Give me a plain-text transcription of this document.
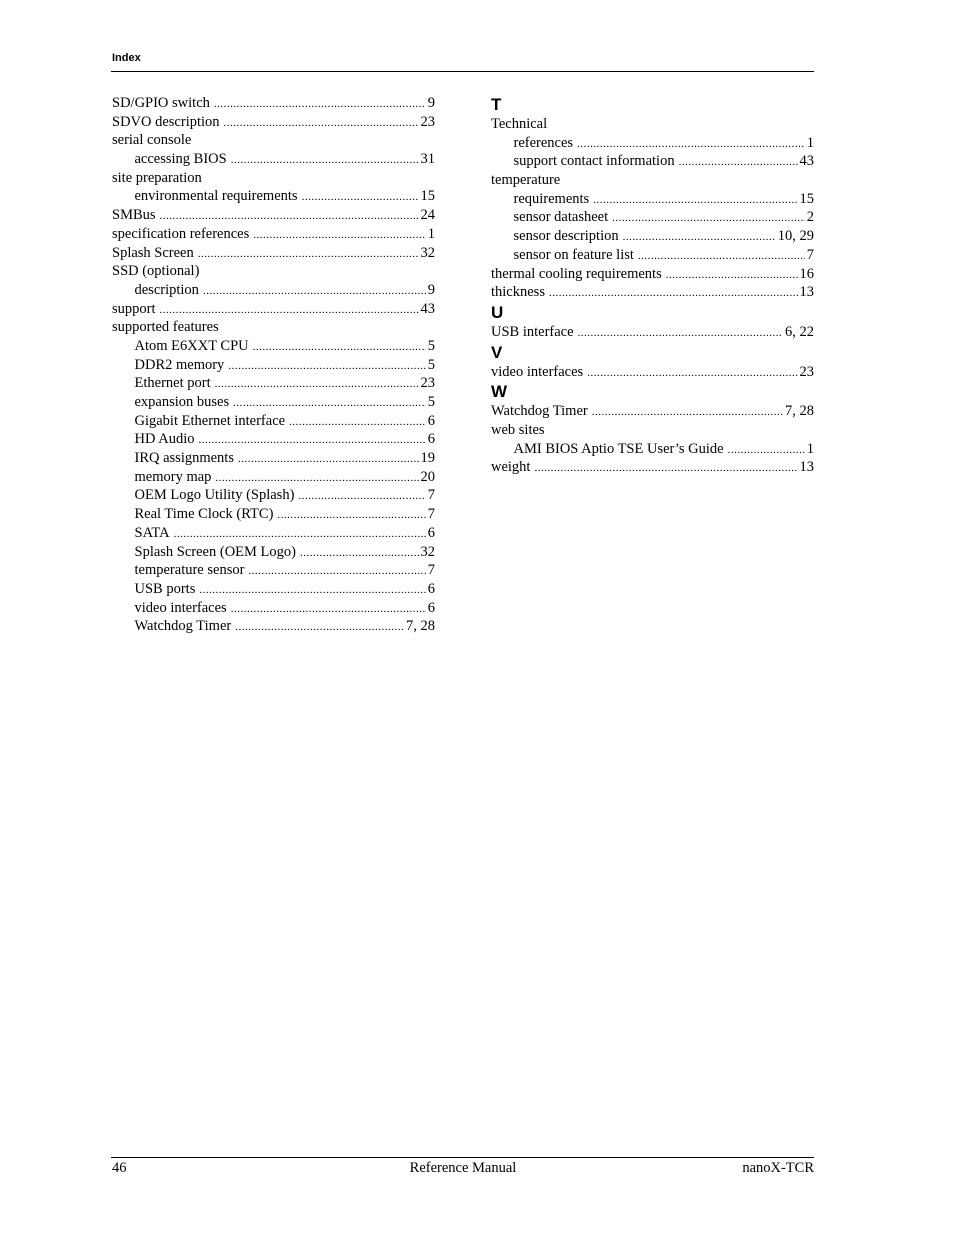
Index
SD/GPIO switch .....	9
SDVO description .....	23
serial console
accessing BIOS .....	31
site preparation
environmental requirements .....	15
SMBus .....	24
specification references .....	1
Splash Screen .....	32
SSD (optional)
description .....	9
support .....	43
supported features
Atom E6XXT CPU .....	5
DDR2 memory .....	5
Ethernet port .....	23
expansion buses .....	5
Gigabit Ethernet interface .....	6
HD Audio .....	6
IRQ assignments .....	19
memory map .....	20
OEM Logo Utility (Splash) .....	7
Real Time Clock (RTC) .....	7
SATA .....	6
Splash Screen (OEM Logo) .....	32
temperature sensor .....	7
USB ports .....	6
video interfaces .....	6
Watchdog Timer .....	7, 28
T
Technical
references .....	1
support contact information .....	43
temperature
requirements .....	15
sensor datasheet .....	2
sensor description .....	10, 29
sensor on feature list .....	7
thermal cooling requirements .....	16
thickness .....	13
U
USB interface .....	6, 22
V
video interfaces .....	23
W
Watchdog Timer .....	7, 28
web sites
AMI BIOS Aptio TSE User’s Guide .....	1
weight .....	13
46	Reference Manual	nanoX-TCR
